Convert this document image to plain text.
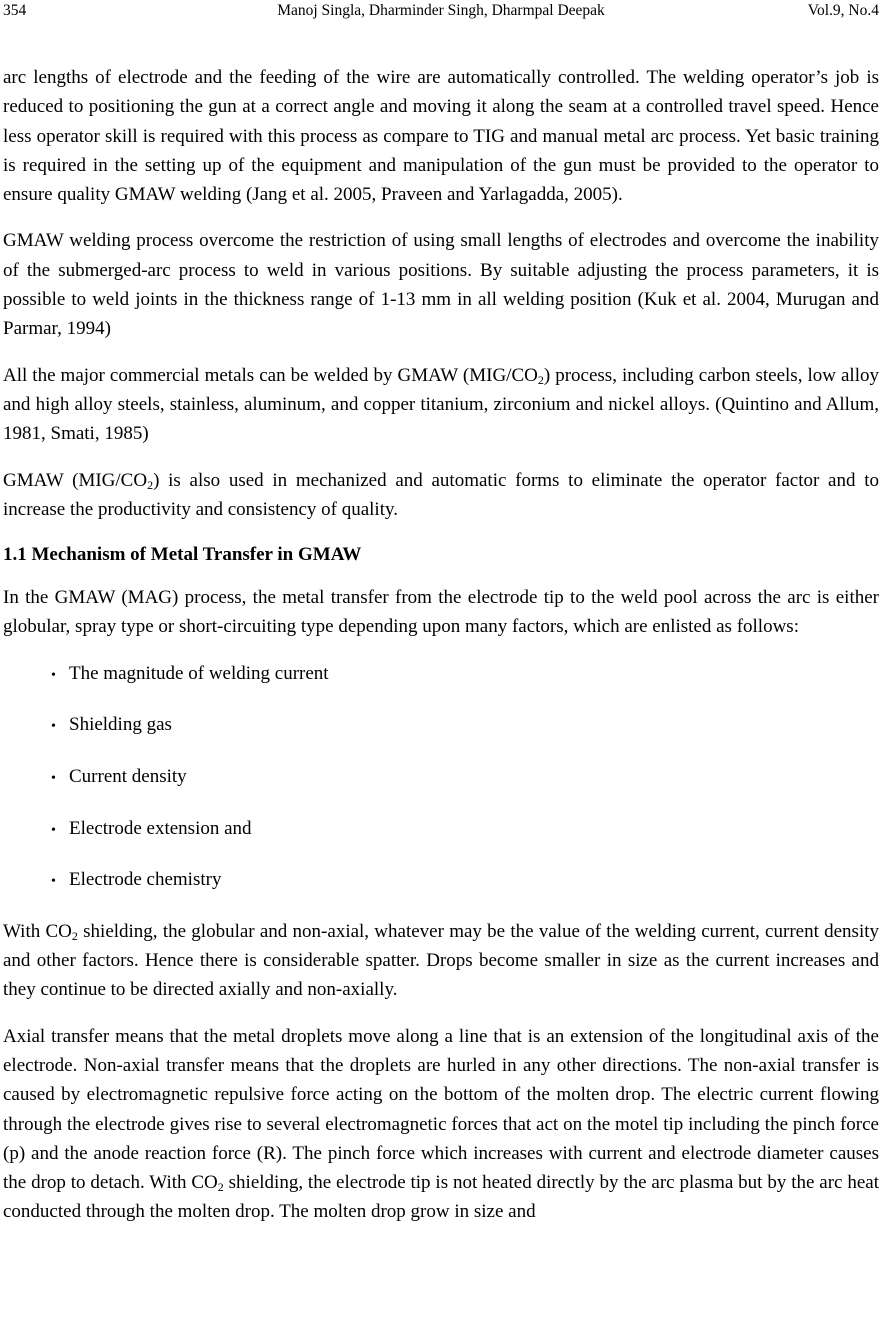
354	Manoj Singla, Dharminder Singh, Dharmpal Deepak	Vol.9, No.4

arc lengths of electrode and the feeding of the wire are automatically controlled. The welding operator’s job is reduced to positioning the gun at a correct angle and moving it along the seam at a controlled travel speed. Hence less operator skill is required with this process as compare to TIG and manual metal arc process. Yet basic training is required in the setting up of the equipment and manipulation of the gun must be provided to the operator to ensure quality GMAW welding (Jang et al. 2005, Praveen and Yarlagadda, 2005).

GMAW welding process overcome the restriction of using small lengths of electrodes and overcome the inability of the submerged-arc process to weld in various positions. By suitable adjusting the process parameters, it is possible to weld joints in the thickness range of 1-13 mm in all welding position (Kuk et al. 2004, Murugan and Parmar, 1994)

All the major commercial metals can be welded by GMAW $(MIG/CO_2)$ process, including carbon steels, low alloy and high alloy steels, stainless, aluminum, and copper titanium, zirconium and nickel alloys. (Quintino and Allum, 1981, Smati, 1985)

GMAW $(MIG/CO_2)$ is also used in mechanized and automatic forms to eliminate the operator factor and to increase the productivity and consistency of quality.

1.1 Mechanism of Metal Transfer in GMAW

In the GMAW (MAG) process, the metal transfer from the electrode tip to the weld pool across the arc is either globular, spray type or short-circuiting type depending upon many factors, which are enlisted as follows:

• The magnitude of welding current
• Shielding gas
• Current density
• Electrode extension and
• Electrode chemistry

With $CO_2$ shielding, the globular and non-axial, whatever may be the value of the welding current, current density and other factors. Hence there is considerable spatter. Drops become smaller in size as the current increases and they continue to be directed axially and non-axially.

Axial transfer means that the metal droplets move along a line that is an extension of the longitudinal axis of the electrode. Non-axial transfer means that the droplets are hurled in any other directions. The non-axial transfer is caused by electromagnetic repulsive force acting on the bottom of the molten drop. The electric current flowing through the electrode gives rise to several electromagnetic forces that act on the motel tip including the pinch force (p) and the anode reaction force (R). The pinch force which increases with current and electrode diameter causes the drop to detach. With $CO_2$ shielding, the electrode tip is not heated directly by the arc plasma but by the arc heat conducted through the molten drop. The molten drop grow in size and
